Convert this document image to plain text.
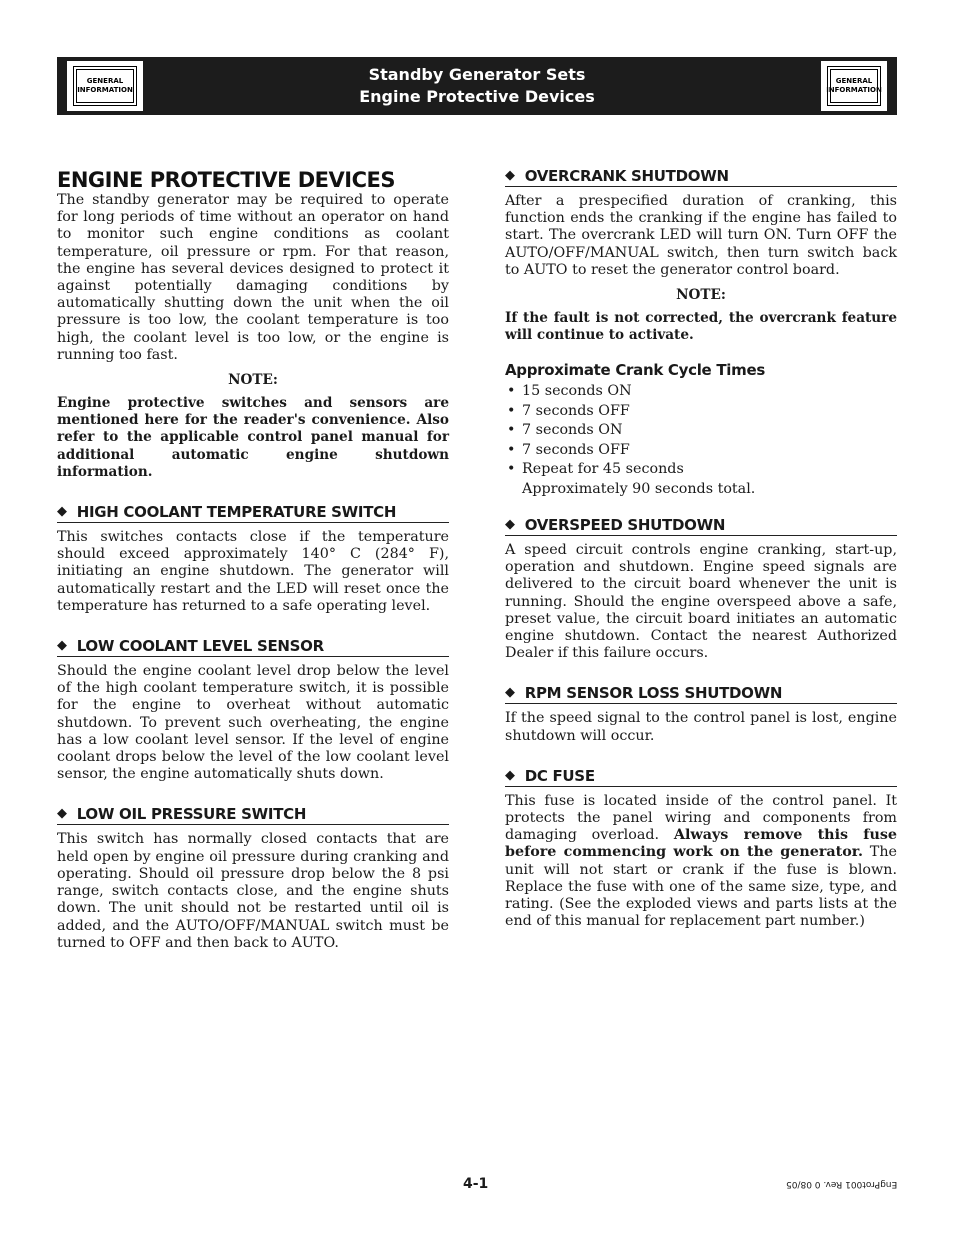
GENERAL INFORMATION
Standby Generator Sets
Engine Protective Devices
GENERAL INFORMATION
ENGINE PROTECTIVE DEVICES

The standby generator may be required to operate for long periods of time without an operator on hand to monitor such engine conditions as coolant temperature, oil pressure or rpm. For that reason, the engine has several devices designed to protect it against potentially damaging conditions by automatically shutting down the unit when the oil pressure is too low, the coolant temperature is too high, the coolant level is too low, or the engine is running too fast.

NOTE:

Engine protective switches and sensors are mentioned here for the reader's convenience. Also refer to the applicable control panel manual for additional automatic engine shutdown information.

◆ HIGH COOLANT TEMPERATURE SWITCH

This switches contacts close if the temperature should exceed approximately 140° C (284° F), initiating an engine shutdown. The generator will automatically restart and the LED will reset once the temperature has returned to a safe operating level.

◆ LOW COOLANT LEVEL SENSOR

Should the engine coolant level drop below the level of the high coolant temperature switch, it is possible for the engine to overheat without automatic shutdown. To prevent such overheating, the engine has a low coolant level sensor. If the level of engine coolant drops below the level of the low coolant level sensor, the engine automatically shuts down.

◆ LOW OIL PRESSURE SWITCH

This switch has normally closed contacts that are held open by engine oil pressure during cranking and operating. Should oil pressure drop below the 8 psi range, switch contacts close, and the engine shuts down. The unit should not be restarted until oil is added, and the AUTO/OFF/MANUAL switch must be turned to OFF and then back to AUTO.

◆ OVERCRANK SHUTDOWN

After a prespecified duration of cranking, this function ends the cranking if the engine has failed to start. The overcrank LED will turn ON. Turn OFF the AUTO/OFF/MANUAL switch, then turn switch back to AUTO to reset the generator control board.

NOTE:

If the fault is not corrected, the overcrank feature will continue to activate.

Approximate Crank Cycle Times
• 15 seconds ON
• 7 seconds OFF
• 7 seconds ON
• 7 seconds OFF
• Repeat for 45 seconds
Approximately 90 seconds total.
◆ OVERSPEED SHUTDOWN

A speed circuit controls engine cranking, start-up, operation and shutdown. Engine speed signals are delivered to the circuit board whenever the unit is running. Should the engine overspeed above a safe, preset value, the circuit board initiates an automatic engine shutdown. Contact the nearest Authorized Dealer if this failure occurs.

◆ RPM SENSOR LOSS SHUTDOWN

If the speed signal to the control panel is lost, engine shutdown will occur.

◆ DC FUSE

This fuse is located inside of the control panel. It protects the panel wiring and components from damaging overload. Always remove this fuse before commencing work on the generator. The unit will not start or crank if the fuse is blown. Replace the fuse with one of the same size, type, and rating. (See the exploded views and parts lists at the end of this manual for replacement part number.)

4-1	EngProt001 Rev. 0 08/05
